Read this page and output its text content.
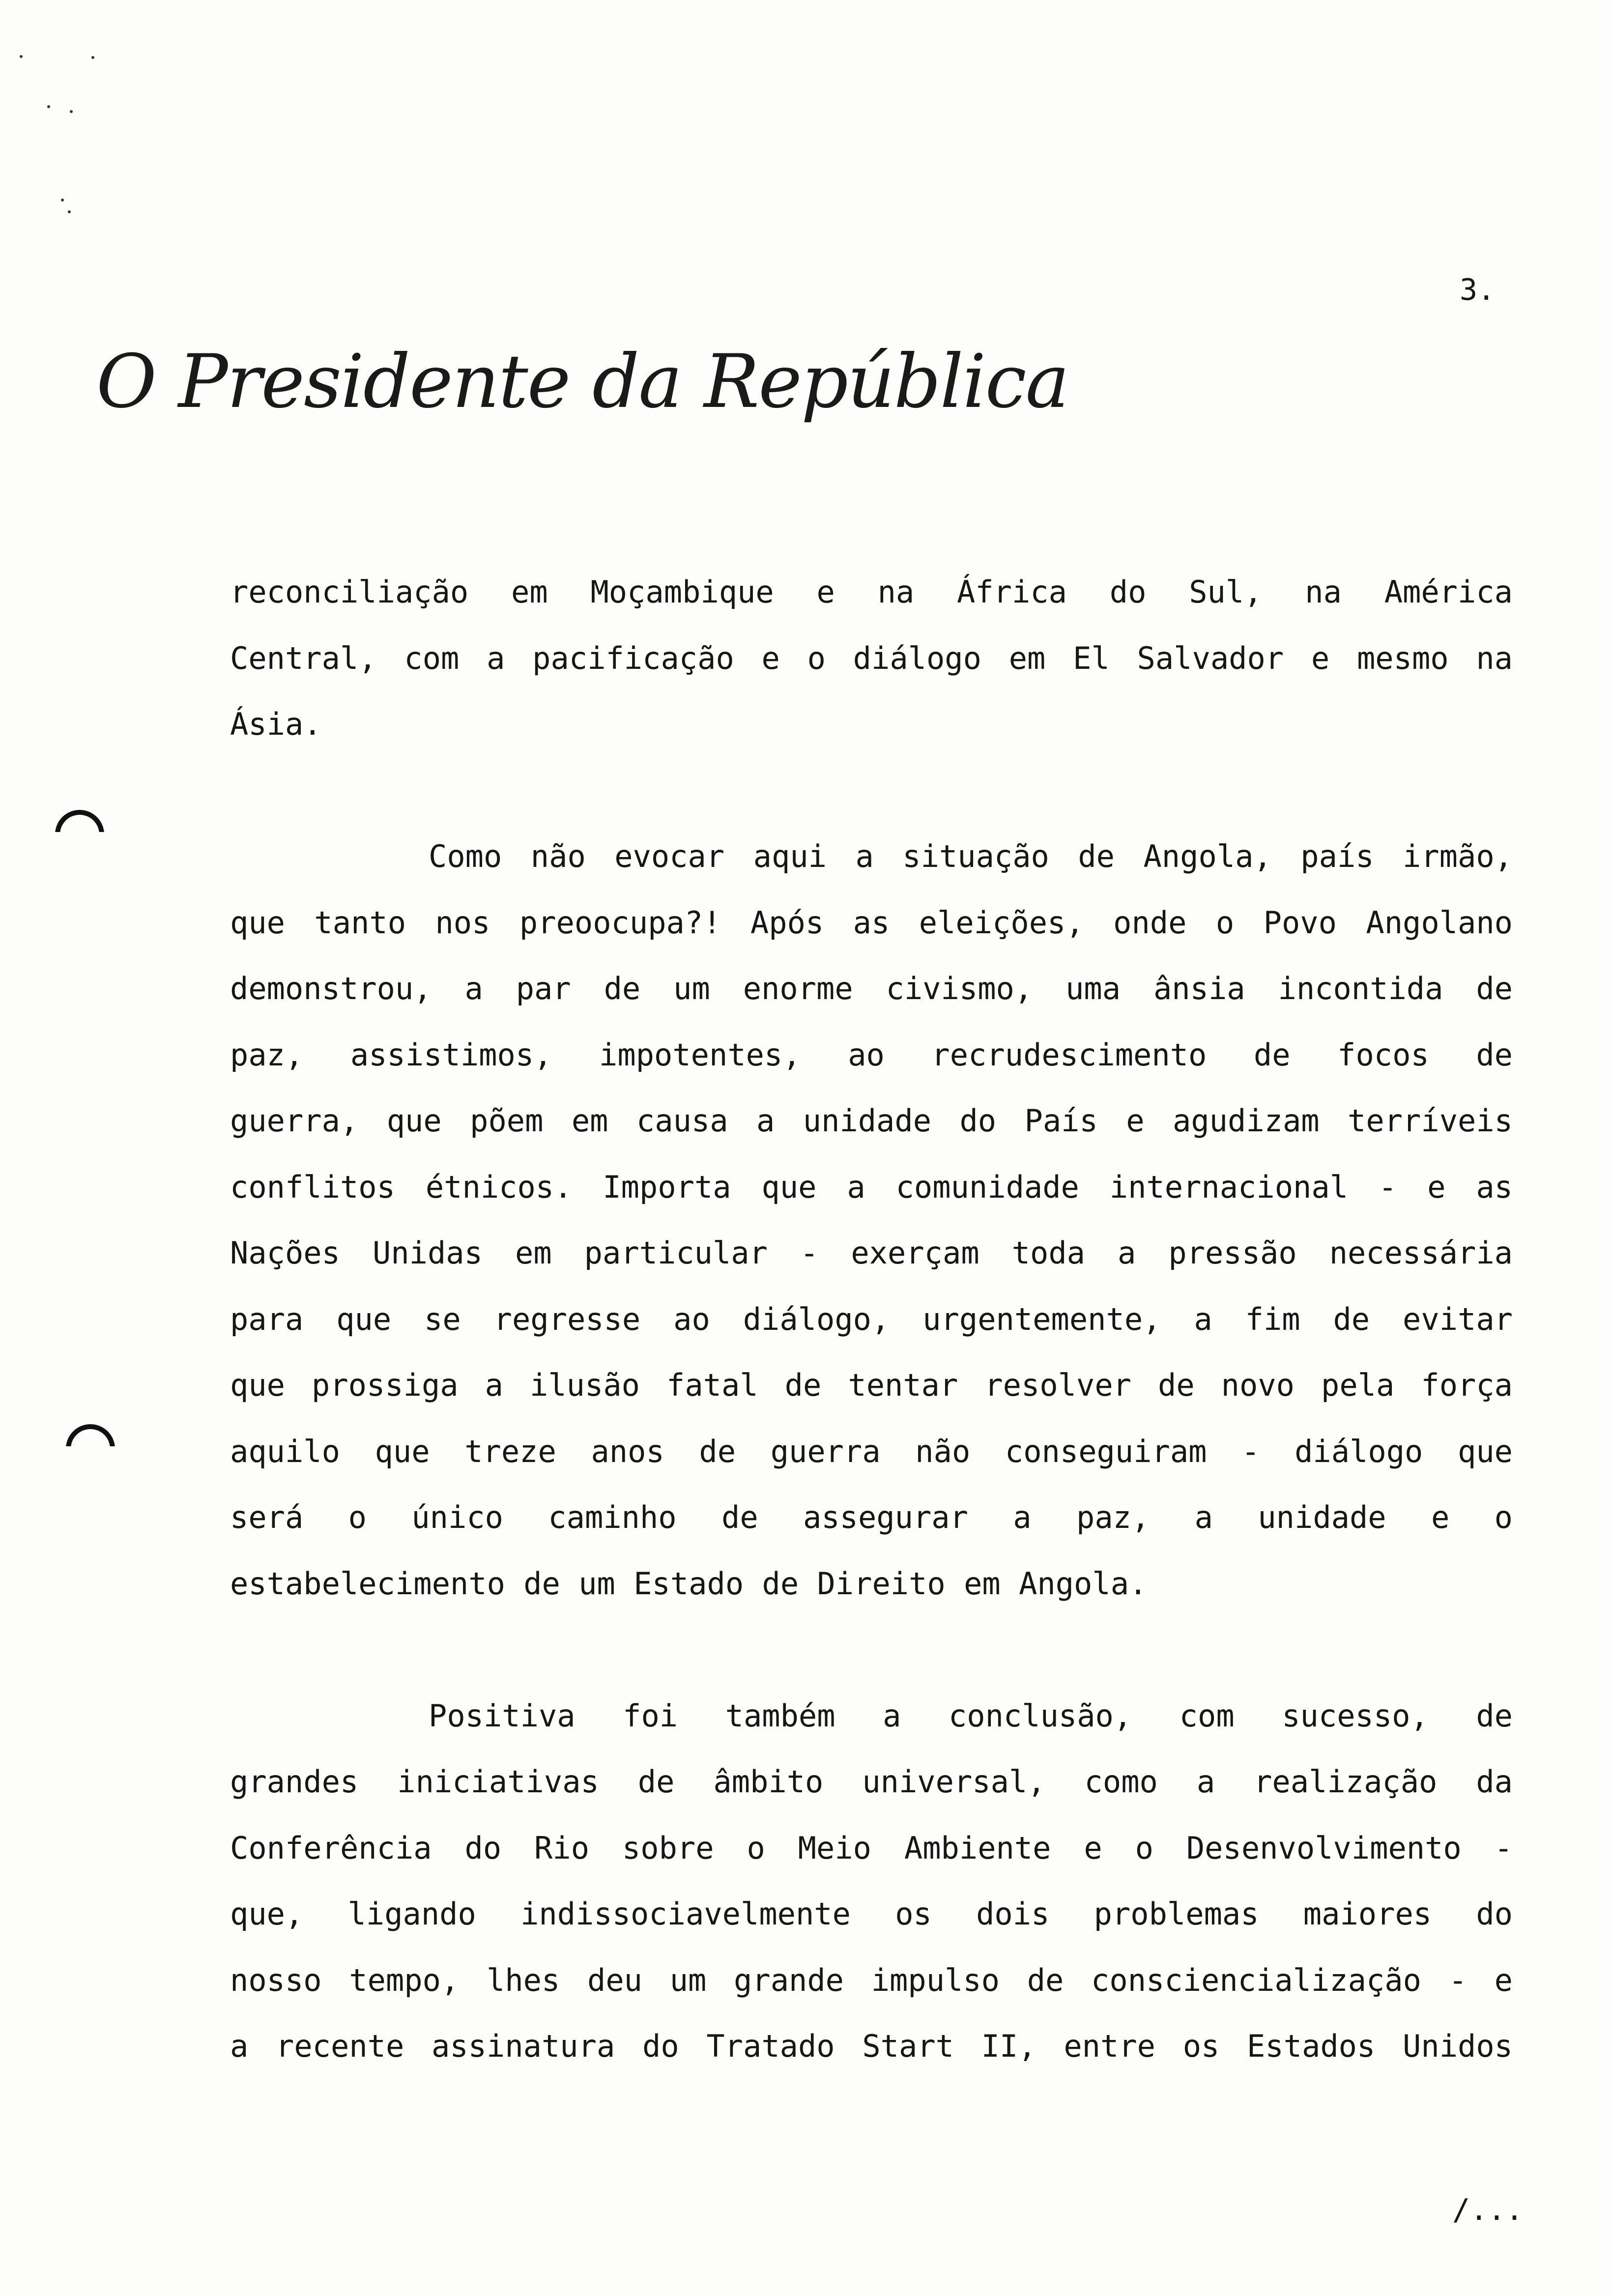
3.
O Presidente da República

reconciliação em Moçambique e na África do Sul, na América
Central, com a pacificação e o diálogo em El Salvador e mesmo na
Ásia.

Como não evocar aqui a situação de Angola, país irmão,
que tanto nos preoocupa?! Após as eleições, onde o Povo Angolano
demonstrou, a par de um enorme civismo, uma ânsia incontida de
paz, assistimos, impotentes, ao recrudescimento de focos de
guerra, que põem em causa a unidade do País e agudizam terríveis
conflitos étnicos. Importa que a comunidade internacional - e as
Nações Unidas em particular - exerçam toda a pressão necessária
para que se regresse ao diálogo, urgentemente, a fim de evitar
que prossiga a ilusão fatal de tentar resolver de novo pela força
aquilo que treze anos de guerra não conseguiram - diálogo que
será o único caminho de assegurar a paz, a unidade e o
estabelecimento de um Estado de Direito em Angola.

Positiva foi também a conclusão, com sucesso, de
grandes iniciativas de âmbito universal, como a realização da
Conferência do Rio sobre o Meio Ambiente e o Desenvolvimento -
que, ligando indissociavelmente os dois problemas maiores do
nosso tempo, lhes deu um grande impulso de consciencialização - e
a recente assinatura do Tratado Start II, entre os Estados Unidos

/...
